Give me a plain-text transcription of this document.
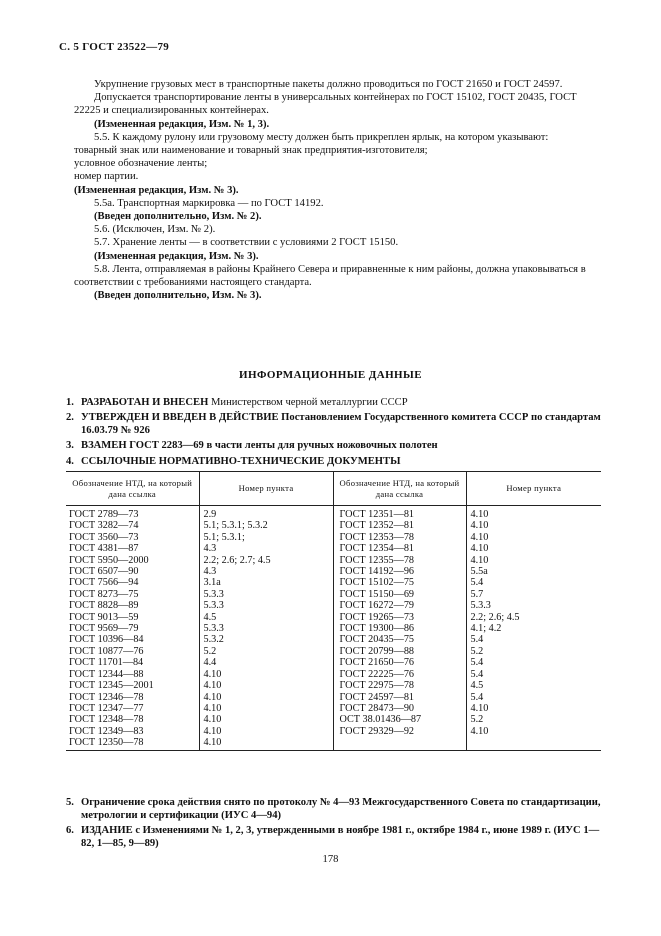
С. 5 ГОСТ 23522—79

Укрупнение грузовых мест в транспортные пакеты должно проводиться по ГОСТ 21650 и ГОСТ 24597.

Допускается транспортирование ленты в универсальных контейнерах по ГОСТ 15102, ГОСТ 20435, ГОСТ 22225 и специализированных контейнерах.

(Измененная редакция, Изм. № 1, 3).

5.5. К каждому рулону или грузовому месту должен быть прикреплен ярлык, на котором указывают:

товарный знак или наименование и товарный знак предприятия-изготовителя;

условное обозначение ленты;

номер партии.

(Измененная редакция, Изм. № 3).

5.5а. Транспортная маркировка — по ГОСТ 14192.

(Введен дополнительно, Изм. № 2).

5.6. (Исключен, Изм. № 2).

5.7. Хранение ленты — в соответствии с условиями 2 ГОСТ 15150.

(Измененная редакция, Изм. № 3).

5.8. Лента, отправляемая в районы Крайнего Севера и приравненные к ним районы, должна упаковываться в соответствии с требованиями настоящего стандарта.

(Введен дополнительно, Изм. № 3).

ИНФОРМАЦИОННЫЕ ДАННЫЕ
1. РАЗРАБОТАН И ВНЕСЕН Министерством черной металлургии СССР
2. УТВЕРЖДЕН И ВВЕДЕН В ДЕЙСТВИЕ Постановлением Государственного комитета СССР по стандартам 16.03.79 № 926
3. ВЗАМЕН ГОСТ 2283—69 в части ленты для ручных ножовочных полотен
4. ССЫЛОЧНЫЕ НОРМАТИВНО-ТЕХНИЧЕСКИЕ ДОКУМЕНТЫ
Обозначение НТД, на который дана ссылка	Номер пункта	Обозначение НТД, на который дана ссылка	Номер пункта
ГОСТ 2789—73	2.9	ГОСТ 12351—81	4.10
ГОСТ 3282—74	5.1; 5.3.1; 5.3.2	ГОСТ 12352—81	4.10
ГОСТ 3560—73	5.1; 5.3.1;	ГОСТ 12353—78	4.10
ГОСТ 4381—87	4.3	ГОСТ 12354—81	4.10
ГОСТ 5950—2000	2.2; 2.6; 2.7; 4.5	ГОСТ 12355—78	4.10
ГОСТ 6507—90	4.3	ГОСТ 14192—96	5.5а
ГОСТ 7566—94	3.1а	ГОСТ 15102—75	5.4
ГОСТ 8273—75	5.3.3	ГОСТ 15150—69	5.7
ГОСТ 8828—89	5.3.3	ГОСТ 16272—79	5.3.3
ГОСТ 9013—59	4.5	ГОСТ 19265—73	2.2; 2.6; 4.5
ГОСТ 9569—79	5.3.3	ГОСТ 19300—86	4.1; 4.2
ГОСТ 10396—84	5.3.2	ГОСТ 20435—75	5.4
ГОСТ 10877—76	5.2	ГОСТ 20799—88	5.2
ГОСТ 11701—84	4.4	ГОСТ 21650—76	5.4
ГОСТ 12344—88	4.10	ГОСТ 22225—76	5.4
ГОСТ 12345—2001	4.10	ГОСТ 22975—78	4.5
ГОСТ 12346—78	4.10	ГОСТ 24597—81	5.4
ГОСТ 12347—77	4.10	ГОСТ 28473—90	4.10
ГОСТ 12348—78	4.10	ОСТ 38.01436—87	5.2
ГОСТ 12349—83	4.10	ГОСТ 29329—92	4.10
ГОСТ 12350—78	4.10		
5. Ограничение срока действия снято по протоколу № 4—93 Межгосударственного Совета по стандартизации, метрологии и сертификации (ИУС 4—94)
6. ИЗДАНИЕ с Изменениями № 1, 2, 3, утвержденными в ноябре 1981 г., октябре 1984 г., июне 1989 г. (ИУС 1—82, 1—85, 9—89)
178
